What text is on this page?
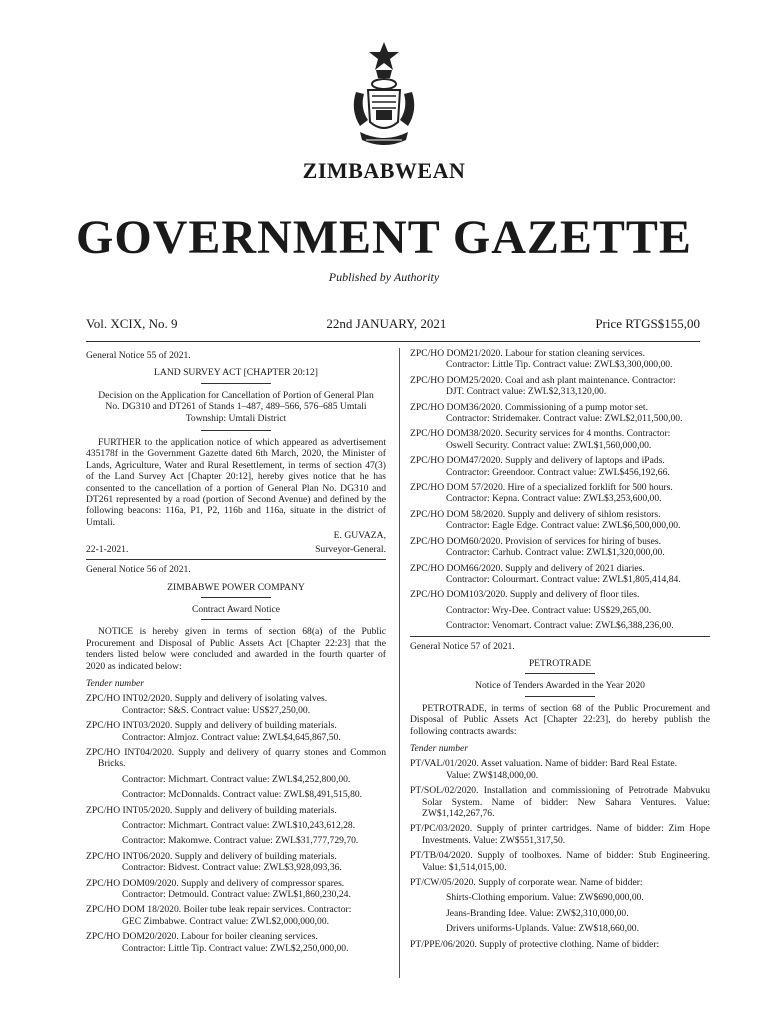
ZIMBABWEAN
GOVERNMENT GAZETTE
Published by Authority
Vol. XCIX, No. 9	22nd JANUARY, 2021	Price RTGS$155,00
General Notice 55 of 2021.
LAND SURVEY ACT [CHAPTER 20:12]
Decision on the Application for Cancellation of Portion of General Plan No. DG310 and DT261 of Stands 1–487, 489–566, 576–685 Umtali Township: Umtali District
FURTHER to the application notice of which appeared as advertisement 435178f in the Government Gazette dated 6th March, 2020, the Minister of Lands, Agriculture, Water and Rural Resettlement, in terms of section 47(3) of the Land Survey Act [Chapter 20:12], hereby gives notice that he has consented to the cancellation of a portion of General Plan No. DG310 and DT261 represented by a road (portion of Second Avenue) and defined by the following beacons: 116a, P1, P2, 116b and 116a, situate in the district of Umtali.
E. GUVAZA,
22-1-2021.	Surveyor-General.
General Notice 56 of 2021.
ZIMBABWE POWER COMPANY
Contract Award Notice
NOTICE is hereby given in terms of section 68(a) of the Public Procurement and Disposal of Public Assets Act [Chapter 22:23] that the tenders listed below were concluded and awarded in the fourth quarter of 2020 as indicated below:
Tender number
ZPC/HO INT02/2020. Supply and delivery of isolating valves.
Contractor: S&S. Contract value: US$27,250,00.
ZPC/HO INT03/2020. Supply and delivery of building materials.
Contractor: Almjoz. Contract value: ZWL$4,645,867,50.
ZPC/HO INT04/2020. Supply and delivery of quarry stones and Common Bricks.
Contractor: Michmart. Contract value: ZWL$4,252,800,00.
Contractor: McDonnalds. Contract value: ZWL$8,491,515,80.
ZPC/HO INT05/2020. Supply and delivery of building materials.
Contractor: Michmart. Contract value: ZWL$10,243,612,28.
Contractor: Makomwe. Contract value: ZWL$31,777,729,70.
ZPC/HO INT06/2020. Supply and delivery of building materials.
Contractor: Bidvest. Contract value: ZWL$3,928,093,36.
ZPC/HO DOM09/2020. Supply and delivery of compressor spares.
Contractor: Detmould. Contract value: ZWL$1,860,230,24.
ZPC/HO DOM 18/2020. Boiler tube leak repair services. Contractor:
GEC Zimbabwe. Contract value: ZWL$2,000,000,00.
ZPC/HO DOM20/2020. Labour for boiler cleaning services.
Contractor: Little Tip. Contract value: ZWL$2,250,000,00.
ZPC/HO DOM21/2020. Labour for station cleaning services.
Contractor: Little Tip. Contract value: ZWL$3,300,000,00.
ZPC/HO DOM25/2020. Coal and ash plant maintenance. Contractor:
DJT. Contract value: ZWL$2,313,120,00.
ZPC/HO DOM36/2020. Commissioning of a pump motor set.
Contractor: Stridemaker. Contract value: ZWL$2,011,500,00.
ZPC/HO DOM38/2020. Security services for 4 months. Contractor:
Oswell Security. Contract value: ZWL$1,560,000,00.
ZPC/HO DOM47/2020. Supply and delivery of laptops and iPads.
Contractor: Greendoor. Contract value: ZWL$456,192,66.
ZPC/HO DOM 57/2020. Hire of a specialized forklift for 500 hours.
Contractor: Kepna. Contract value: ZWL$3,253,600,00.
ZPC/HO DOM 58/2020. Supply and delivery of sihlom resistors.
Contractor: Eagle Edge. Contract value: ZWL$6,500,000,00.
ZPC/HO DOM60/2020. Provision of services for hiring of buses.
Contractor: Carhub. Contract value: ZWL$1,320,000,00.
ZPC/HO DOM66/2020. Supply and delivery of 2021 diaries.
Contractor: Colourmart. Contract value: ZWL$1,805,414,84.
ZPC/HO DOM103/2020. Supply and delivery of floor tiles.
Contractor: Wry-Dee. Contract value: US$29,265,00.
Contractor: Venomart. Contract value: ZWL$6,388,236,00.
General Notice 57 of 2021.
PETROTRADE
Notice of Tenders Awarded in the Year 2020
PETROTRADE, in terms of section 68 of the Public Procurement and Disposal of Public Assets Act [Chapter 22:23], do hereby publish the following contracts awards:
Tender number
PT/VAL/01/2020. Asset valuation. Name of bidder: Bard Real Estate.
Value: ZW$148,000,00.
PT/SOL/02/2020. Installation and commissioning of Petrotrade Mabvuku Solar System. Name of bidder: New Sahara Ventures. Value: ZW$1,142,267,76.
PT/PC/03/2020. Supply of printer cartridges. Name of bidder: Zim Hope Investments. Value: ZW$551,317,50.
PT/TB/04/2020. Supply of toolboxes. Name of bidder: Stub Engineering. Value: $1,514,015,00.
PT/CW/05/2020. Supply of corporate wear. Name of bidder:
Shirts-Clothing emporium. Value: ZW$690,000,00.
Jeans-Branding Idee. Value: ZW$2,310,000,00.
Drivers uniforms-Uplands. Value: ZW$18,660,00.
PT/PPE/06/2020. Supply of protective clothing. Name of bidder:
